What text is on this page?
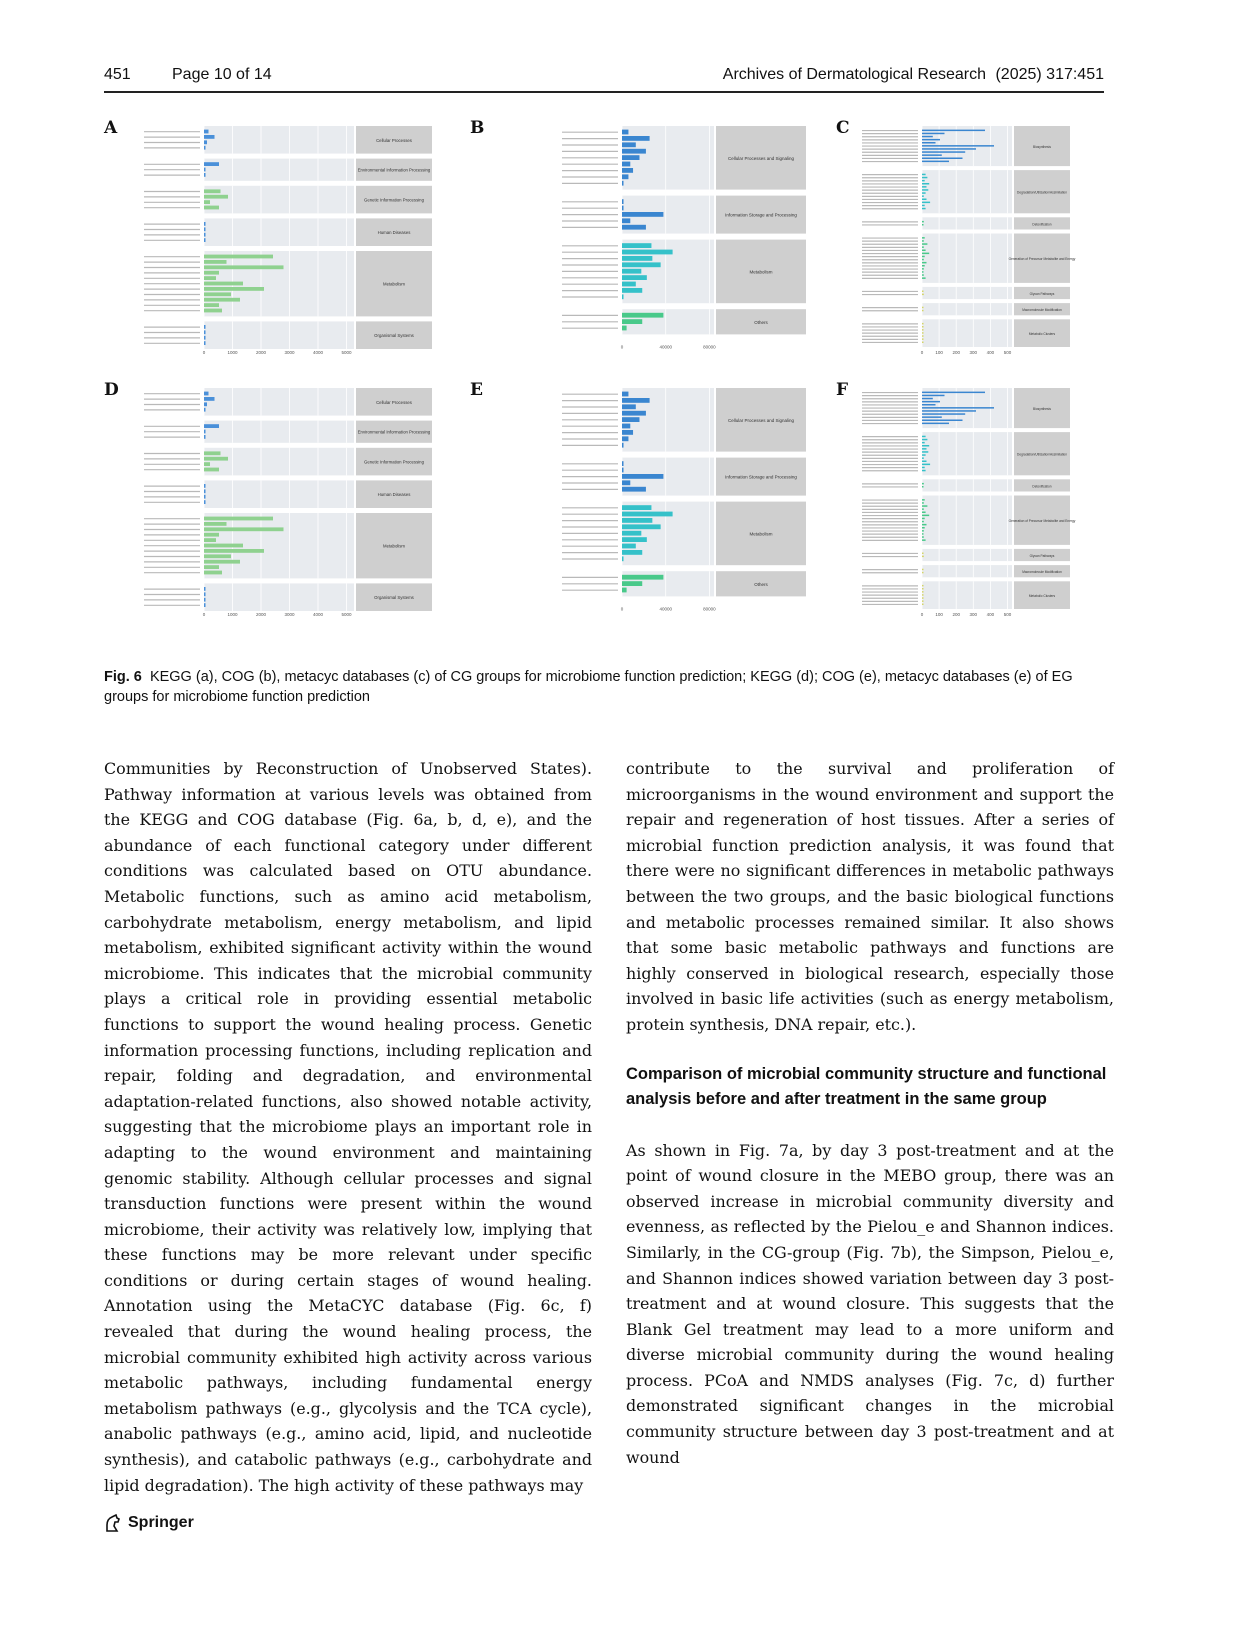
451	Page 10 of 14	Archives of Dermatological Research (2025) 317:451
A
Cellular Processes
Environmental Information Processing
Genetic Information Processing
Human Diseases
Metabolism
Organismal Systems
0	1000	2000	3000	4000	5000
B
Cellular Processes and Signaling
Information Storage and Processing
Metabolism
Others
0	40000	80000
C
Biosynthesis
Degradation/Utilization/Assimilation
Detoxification
Generation of Precursor Metabolite and Energy
Glycan Pathways
Macromolecule Modification
Metabolic Clusters
0	100 200 300 400 500
D
Cellular Processes
Environmental Information Processing
Genetic Information Processing
Human Diseases
Metabolism
Organismal Systems
0	1000	2000	3000	4000	5000
E
Cellular Processes and Signaling
Information Storage and Processing
Metabolism
Others
0	40000	80000
F
Biosynthesis
Degradation/Utilization/Assimilation
Detoxification
Generation of Precursor Metabolite and Energy
Glycan Pathways
Macromolecule Modification
Metabolic Clusters
0	100 200 300 400 500
Fig. 6 KEGG (a), COG (b), metacyc databases (c) of CG groups for microbiome function prediction; KEGG (d); COG (e), metacyc databases (e) of EG groups for microbiome function prediction

Communities by Reconstruction of Unobserved States). Pathway information at various levels was obtained from the KEGG and COG database (Fig. 6a, b, d, e), and the abundance of each functional category under different conditions was calculated based on OTU abundance. Metabolic functions, such as amino acid metabolism, carbohydrate metabolism, energy metabolism, and lipid metabolism, exhibited significant activity within the wound microbiome. This indicates that the microbial community plays a critical role in providing essential metabolic functions to support the wound healing process. Genetic information processing functions, including replication and repair, folding and degradation, and environmental adaptation-related functions, also showed notable activity, suggesting that the microbiome plays an important role in adapting to the wound environment and maintaining genomic stability. Although cellular processes and signal transduction functions were present within the wound microbiome, their activity was relatively low, implying that these functions may be more relevant under specific conditions or during certain stages of wound healing. Annotation using the MetaCYC database (Fig. 6c, f) revealed that during the wound healing process, the microbial community exhibited high activity across various metabolic pathways, including fundamental energy metabolism pathways (e.g., glycolysis and the TCA cycle), anabolic pathways (e.g., amino acid, lipid, and nucleotide synthesis), and catabolic pathways (e.g., carbohydrate and lipid degradation). The high activity of these pathways may

contribute to the survival and proliferation of microorganisms in the wound environment and support the repair and regeneration of host tissues. After a series of microbial function prediction analysis, it was found that there were no significant differences in metabolic pathways between the two groups, and the basic biological functions and metabolic processes remained similar. It also shows that some basic metabolic pathways and functions are highly conserved in biological research, especially those involved in basic life activities (such as energy metabolism, protein synthesis, DNA repair, etc.).

Comparison of microbial community structure and functional analysis before and after treatment in the same group

As shown in Fig. 7a, by day 3 post-treatment and at the point of wound closure in the MEBO group, there was an observed increase in microbial community diversity and evenness, as reflected by the Pielou_e and Shannon indices. Similarly, in the CG-group (Fig. 7b), the Simpson, Pielou_e, and Shannon indices showed variation between day 3 post-treatment and at wound closure. This suggests that the Blank Gel treatment may lead to a more uniform and diverse microbial community during the wound healing process. PCoA and NMDS analyses (Fig. 7c, d) further demonstrated significant changes in the microbial community structure between day 3 post-treatment and at wound

Springer
